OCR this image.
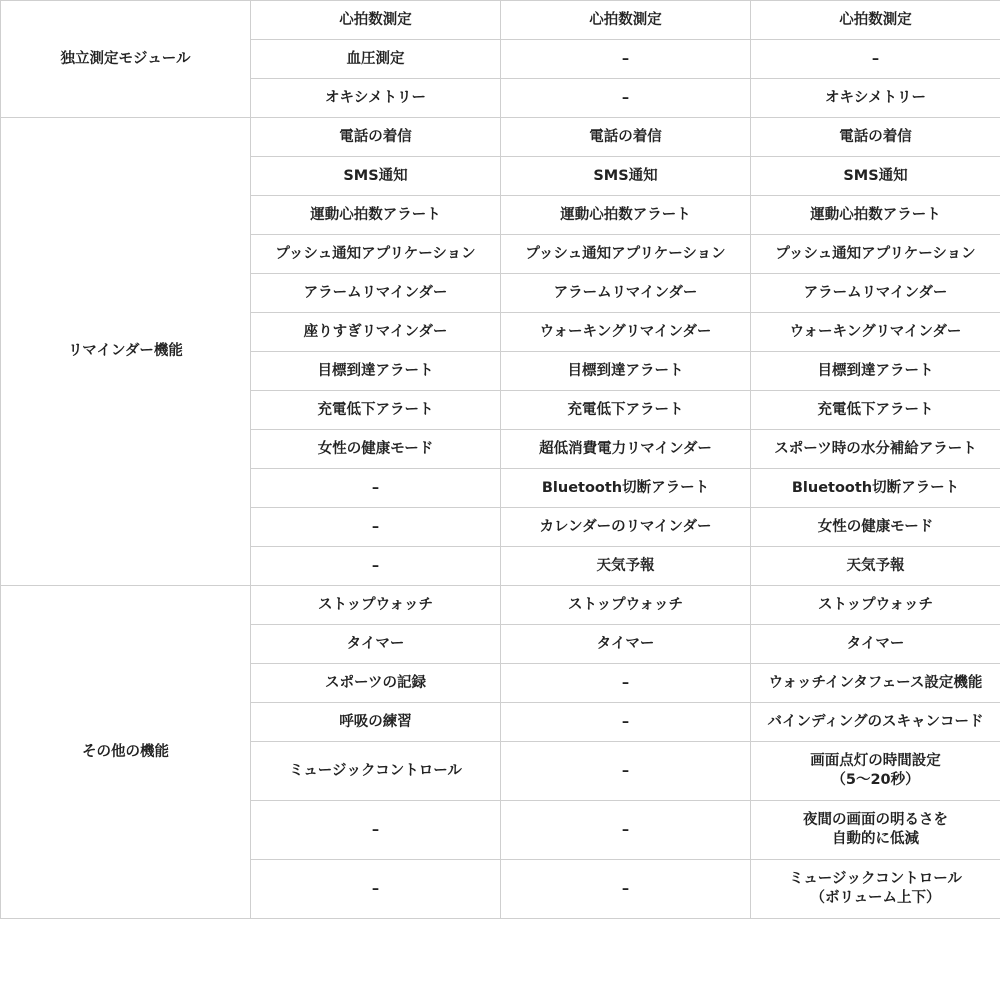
独立測定モジュール	心拍数測定	心拍数測定	心拍数測定
	血圧測定	–	–
	オキシメトリー	–	オキシメトリー
リマインダー機能	電話の着信	電話の着信	電話の着信
	SMS通知	SMS通知	SMS通知
	運動心拍数アラート	運動心拍数アラート	運動心拍数アラート
	プッシュ通知アプリケーション	プッシュ通知アプリケーション	プッシュ通知アプリケーション
	アラームリマインダー	アラームリマインダー	アラームリマインダー
	座りすぎリマインダー	ウォーキングリマインダー	ウォーキングリマインダー
	目標到達アラート	目標到達アラート	目標到達アラート
	充電低下アラート	充電低下アラート	充電低下アラート
	女性の健康モード	超低消費電力リマインダー	スポーツ時の水分補給アラート
	–	Bluetooth切断アラート	Bluetooth切断アラート
	–	カレンダーのリマインダー	女性の健康モード
	–	天気予報	天気予報
その他の機能	ストップウォッチ	ストップウォッチ	ストップウォッチ
	タイマー	タイマー	タイマー
	スポーツの記録	–	ウォッチインタフェース設定機能
	呼吸の練習	–	バインディングのスキャンコード
	ミュージックコントロール	–	画面点灯の時間設定
（5〜20秒）

	–	–	夜間の画面の明るさを
自動的に低減

	–	–	ミュージックコントロール
（ボリューム上下）
